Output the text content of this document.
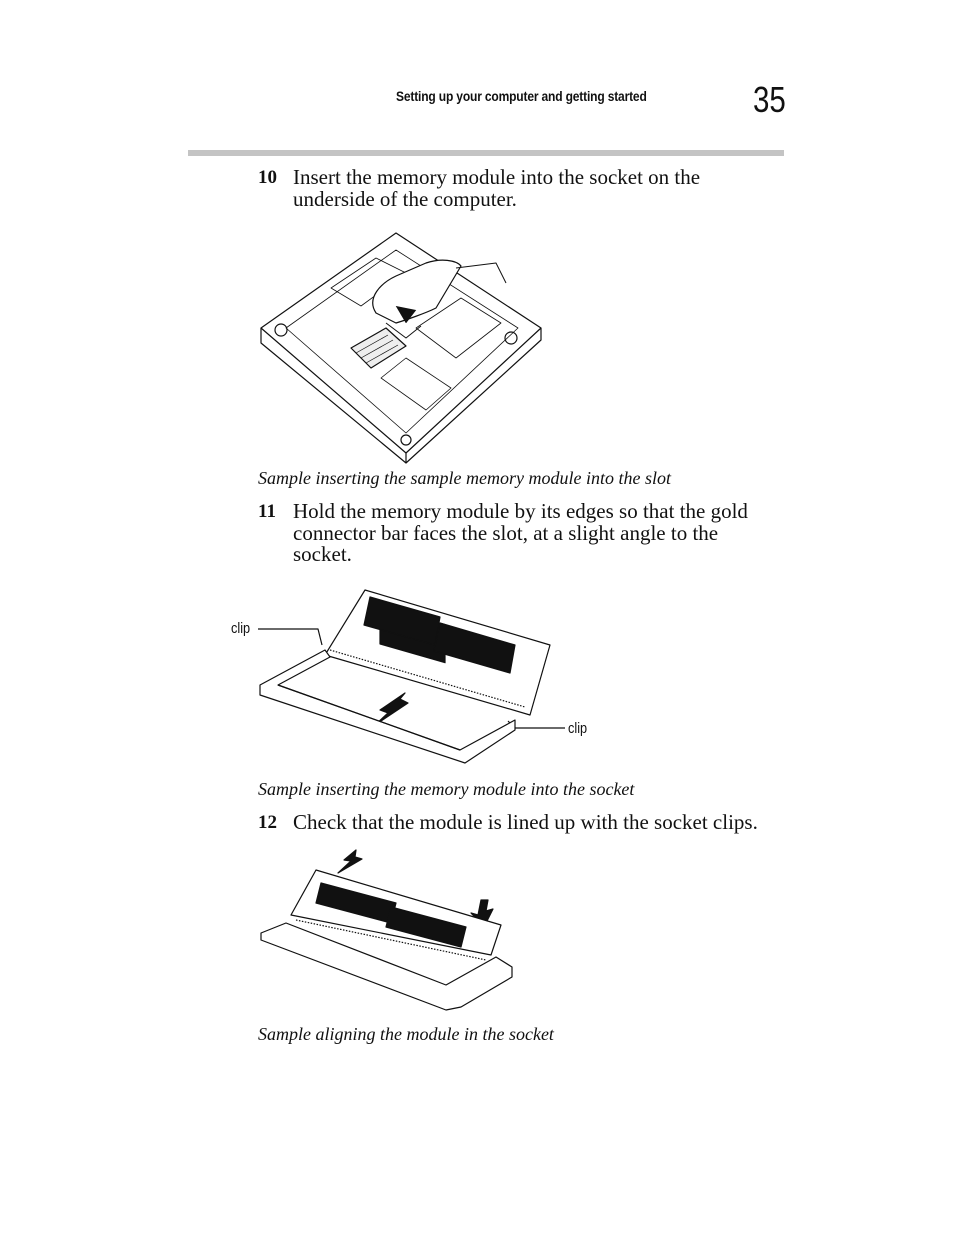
Setting up your computer and getting started	35
10 Insert the memory module into the socket on the underside of the computer.
Sample inserting the sample memory module into the slot
11 Hold the memory module by its edges so that the gold connector bar faces the slot, at a slight angle to the socket.
clip
clip
Sample inserting the memory module into the socket
12 Check that the module is lined up with the socket clips.
Sample aligning the module in the socket
